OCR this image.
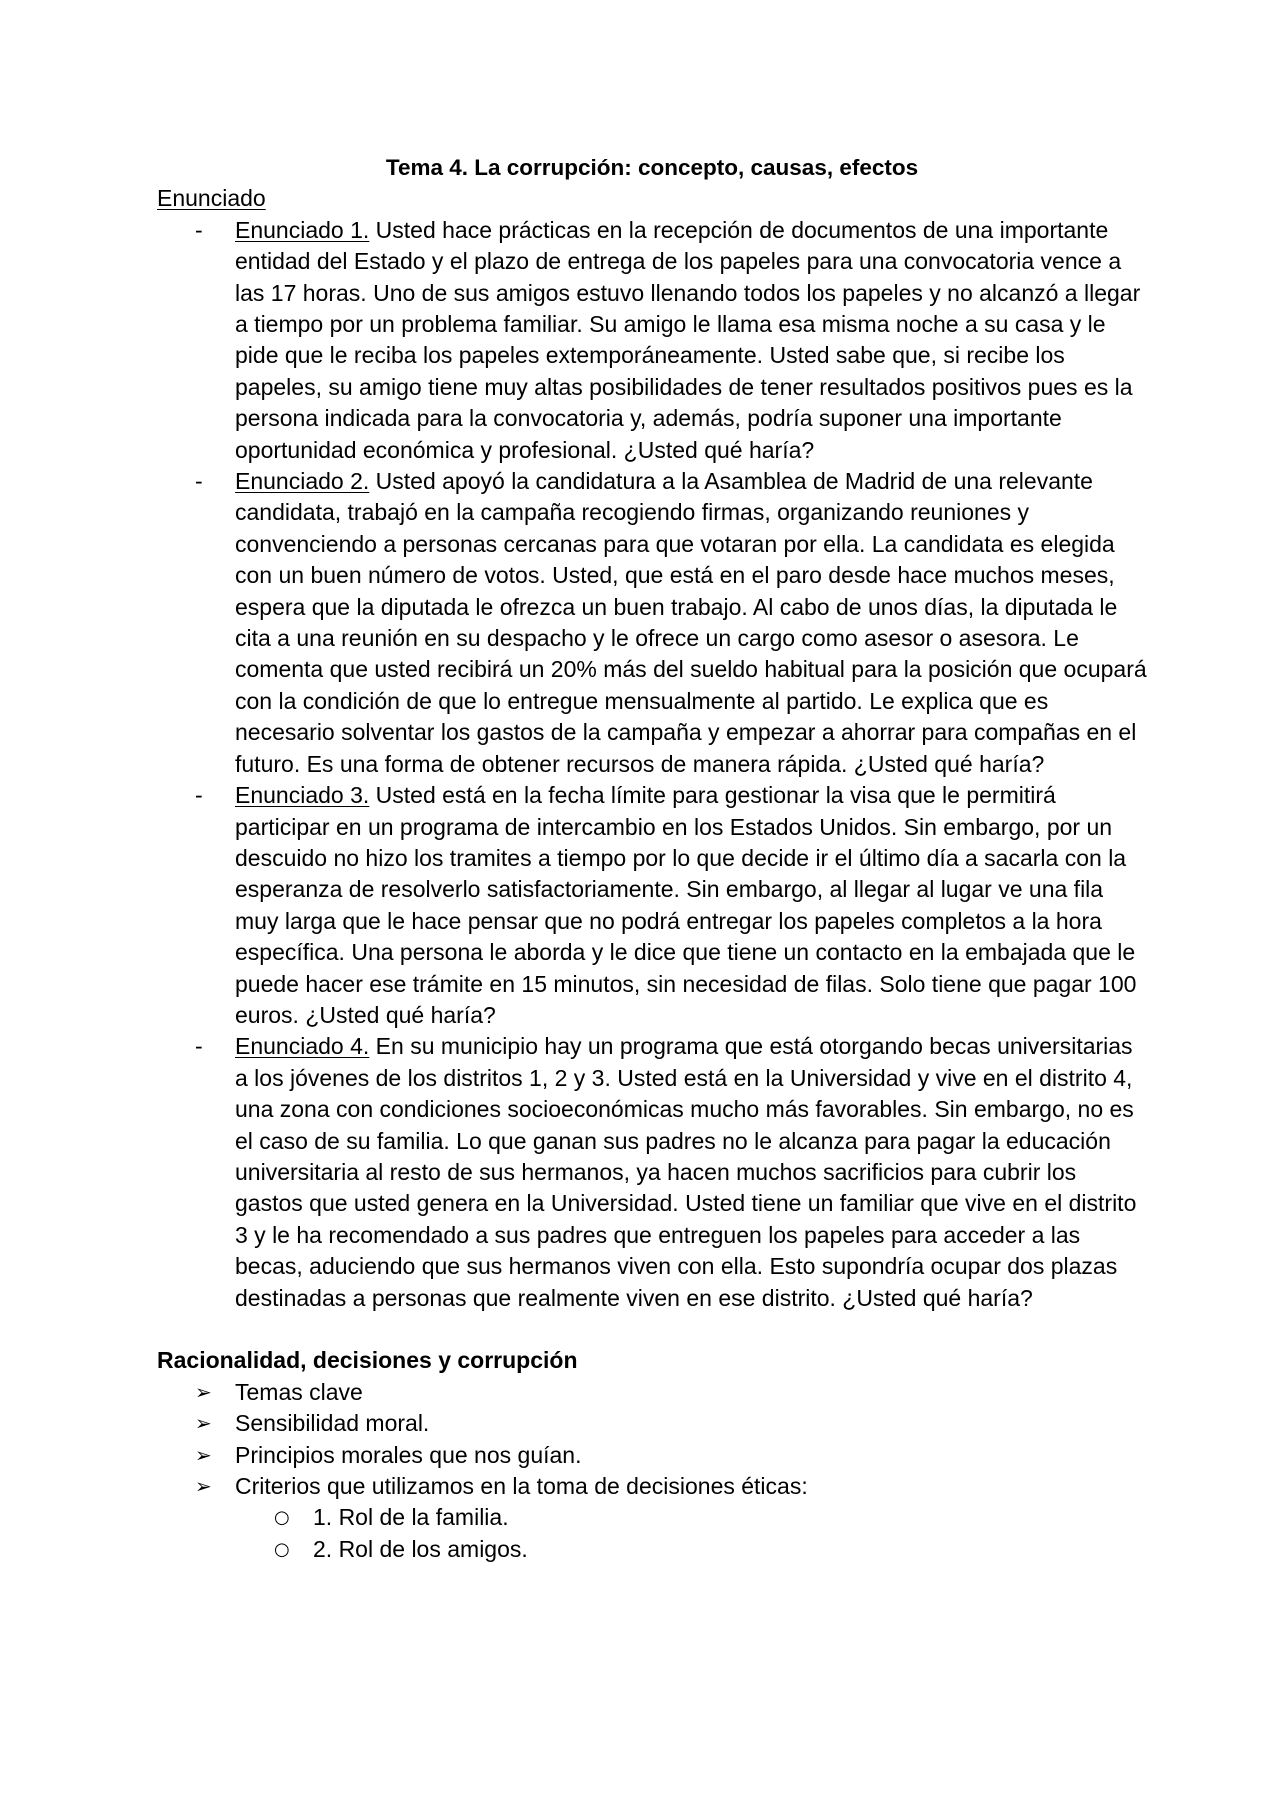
Tema 4. La corrupción: concepto, causas, efectos

Enunciado

- Enunciado 1. Usted hace prácticas en la recepción de documentos de una importante entidad del Estado y el plazo de entrega de los papeles para una convocatoria vence a las 17 horas. Uno de sus amigos estuvo llenando todos los papeles y no alcanzó a llegar a tiempo por un problema familiar. Su amigo le llama esa misma noche a su casa y le pide que le reciba los papeles extemporáneamente. Usted sabe que, si recibe los papeles, su amigo tiene muy altas posibilidades de tener resultados positivos pues es la persona indicada para la convocatoria y, además, podría suponer una importante oportunidad económica y profesional. ¿Usted qué haría?
- Enunciado 2. Usted apoyó la candidatura a la Asamblea de Madrid de una relevante candidata, trabajó en la campaña recogiendo firmas, organizando reuniones y convenciendo a personas cercanas para que votaran por ella. La candidata es elegida con un buen número de votos. Usted, que está en el paro desde hace muchos meses, espera que la diputada le ofrezca un buen trabajo. Al cabo de unos días, la diputada le cita a una reunión en su despacho y le ofrece un cargo como asesor o asesora. Le comenta que usted recibirá un 20% más del sueldo habitual para la posición que ocupará con la condición de que lo entregue mensualmente al partido. Le explica que es necesario solventar los gastos de la campaña y empezar a ahorrar para compañas en el futuro. Es una forma de obtener recursos de manera rápida. ¿Usted qué haría?
- Enunciado 3. Usted está en la fecha límite para gestionar la visa que le permitirá participar en un programa de intercambio en los Estados Unidos. Sin embargo, por un descuido no hizo los tramites a tiempo por lo que decide ir el último día a sacarla con la esperanza de resolverlo satisfactoriamente. Sin embargo, al llegar al lugar ve una fila muy larga que le hace pensar que no podrá entregar los papeles completos a la hora específica. Una persona le aborda y le dice que tiene un contacto en la embajada que le puede hacer ese trámite en 15 minutos, sin necesidad de filas. Solo tiene que pagar 100 euros. ¿Usted qué haría?
- Enunciado 4. En su municipio hay un programa que está otorgando becas universitarias a los jóvenes de los distritos 1, 2 y 3. Usted está en la Universidad y vive en el distrito 4, una zona con condiciones socioeconómicas mucho más favorables. Sin embargo, no es el caso de su familia. Lo que ganan sus padres no le alcanza para pagar la educación universitaria al resto de sus hermanos, ya hacen muchos sacrificios para cubrir los gastos que usted genera en la Universidad. Usted tiene un familiar que vive en el distrito 3 y le ha recomendado a sus padres que entreguen los papeles para acceder a las becas, aduciendo que sus hermanos viven con ella. Esto supondría ocupar dos plazas destinadas a personas que realmente viven en ese distrito. ¿Usted qué haría?

Racionalidad, decisiones y corrupción

➢ Temas clave
➢ Sensibilidad moral.
➢ Principios morales que nos guían.
➢ Criterios que utilizamos en la toma de decisiones éticas:
○ 1. Rol de la familia.
○ 2. Rol de los amigos.
